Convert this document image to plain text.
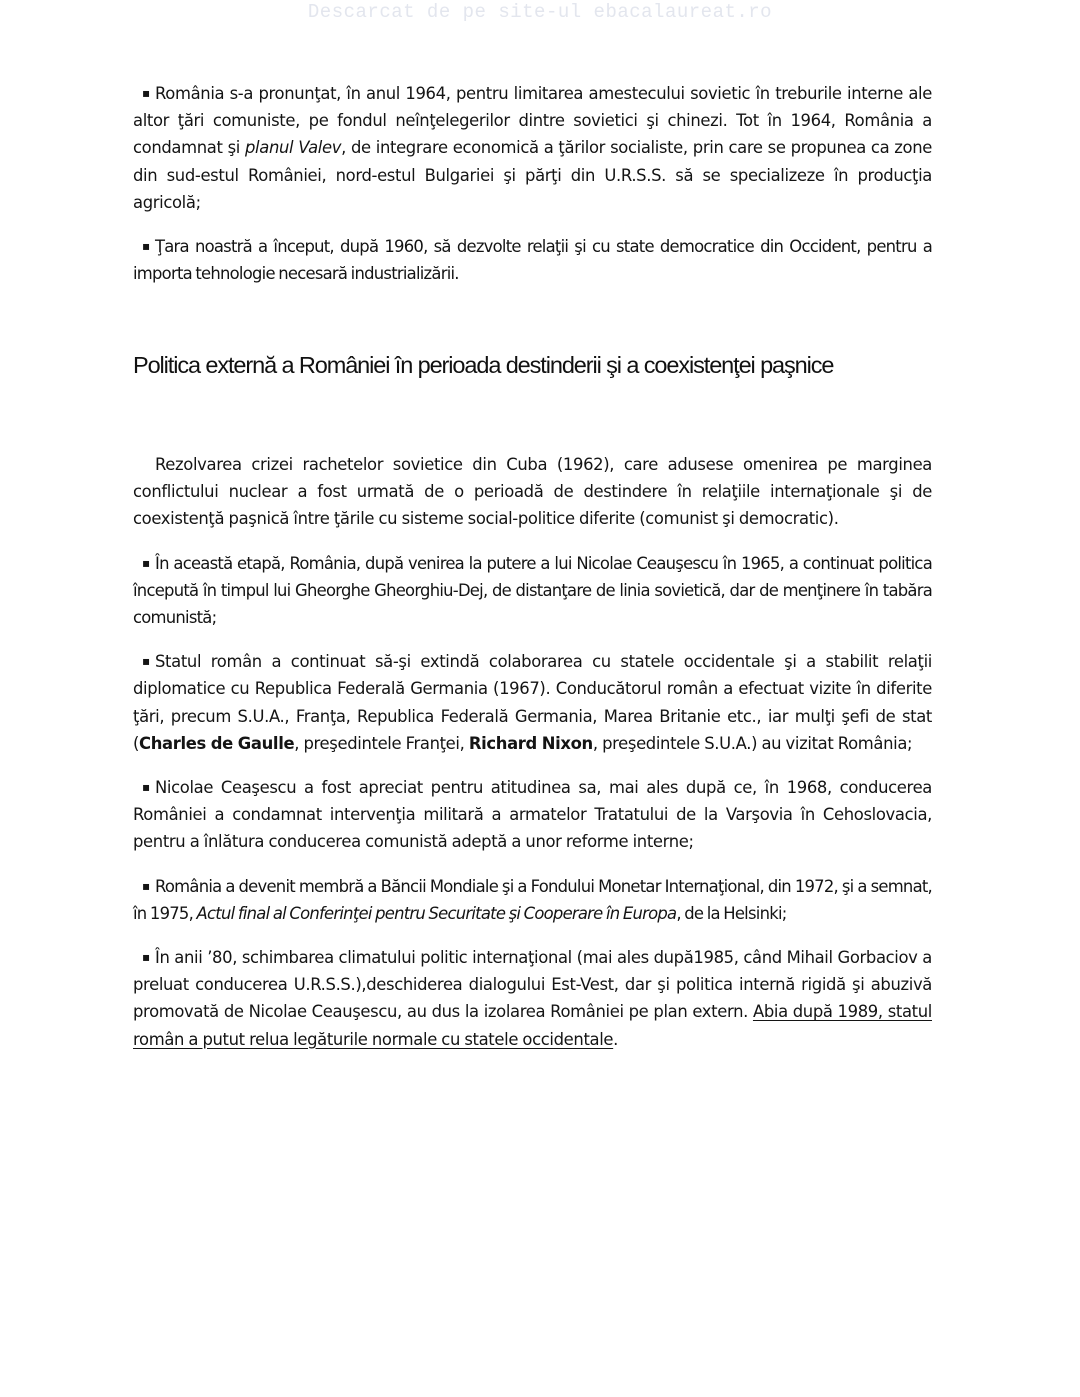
Descarcat de pe site-ul ebacalaureat.ro

▪ România s-a pronunţat, în anul 1964, pentru limitarea amestecului sovietic în treburile interne ale altor ţări comuniste, pe fondul neînţelegerilor dintre sovietici şi chinezi. Tot în 1964, România a condamnat şi planul Valev, de integrare economică a ţărilor socialiste, prin care se propunea ca zone din sud-estul României, nord-estul Bulgariei şi părţi din U.R.S.S. să se specializeze în producţia agricolă;

▪ Ţara noastră a început, după 1960, să dezvolte relaţii şi cu state democratice din Occident, pentru a importa tehnologie necesară industrializării.

Politica externă a României în perioada destinderii şi a coexistenţei paşnice

Rezolvarea crizei rachetelor sovietice din Cuba (1962), care adusese omenirea pe marginea conflictului nuclear a fost urmată de o perioadă de destindere în relaţiile internaţionale şi de coexistenţă paşnică între ţările cu sisteme social-politice diferite (comunist şi democratic).

▪ În această etapă, România, după venirea la putere a lui Nicolae Ceauşescu în 1965, a continuat politica începută în timpul lui Gheorghe Gheorghiu-Dej, de distanţare de linia sovietică, dar de menţinere în tabăra comunistă;

▪ Statul român a continuat să-şi extindă colaborarea cu statele occidentale şi a stabilit relaţii diplomatice cu Republica Federală Germania (1967). Conducătorul român a efectuat vizite în diferite ţări, precum S.U.A., Franţa, Republica Federală Germania, Marea Britanie etc., iar mulţi şefi de stat (Charles de Gaulle, preşedintele Franţei, Richard Nixon, preşedintele S.U.A.) au vizitat România;

▪ Nicolae Ceaşescu a fost apreciat pentru atitudinea sa, mai ales după ce, în 1968, conducerea României a condamnat intervenţia militară a armatelor Tratatului de la Varşovia în Cehoslovacia, pentru a înlătura conducerea comunistă adeptă a unor reforme interne;

▪ România a devenit membră a Băncii Mondiale şi a Fondului Monetar Internaţional, din 1972, şi a semnat, în 1975, Actul final al Conferinţei pentru Securitate şi Cooperare în Europa, de la Helsinki;

▪ În anii ’80, schimbarea climatului politic internaţional (mai ales după1985, când Mihail Gorbaciov a preluat conducerea U.R.S.S.),deschiderea dialogului Est-Vest, dar şi politica internă rigidă şi abuzivă promovată de Nicolae Ceauşescu, au dus la izolarea României pe plan extern. Abia după 1989, statul român a putut relua legăturile normale cu statele occidentale.
